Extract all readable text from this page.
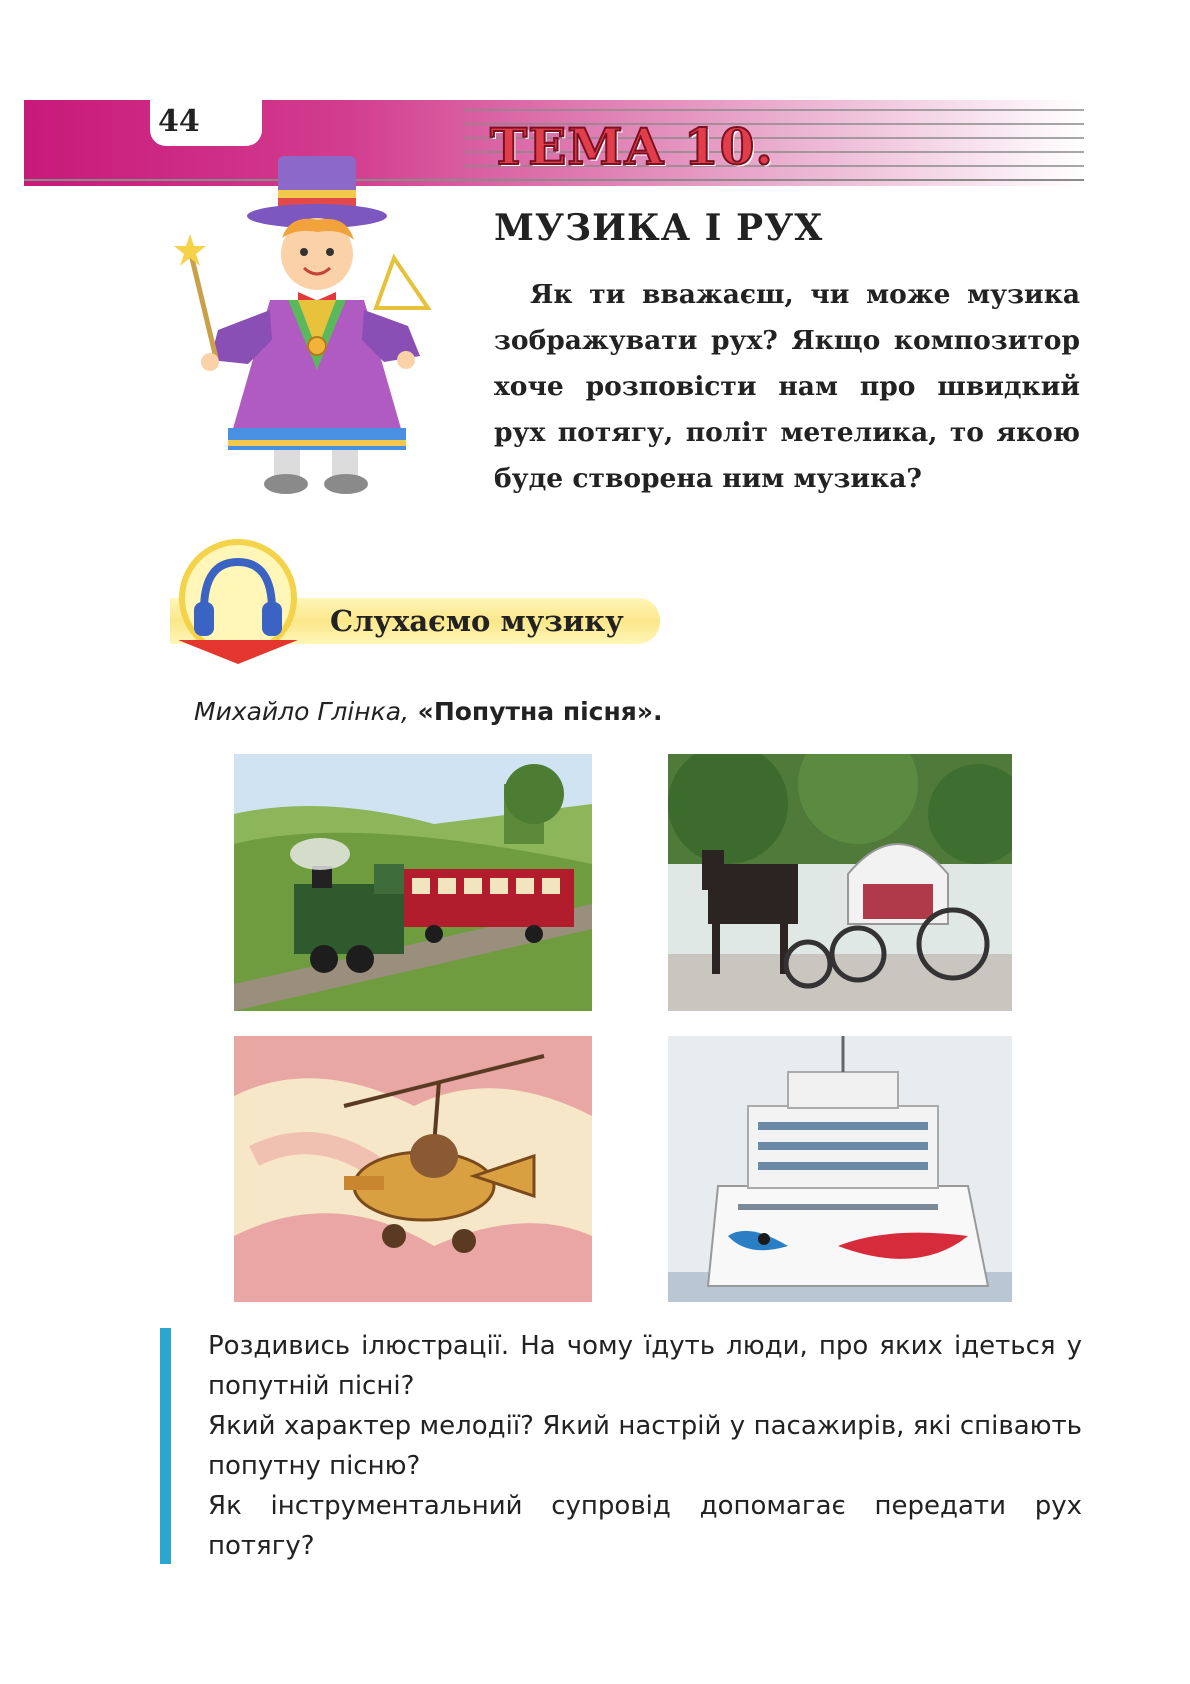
44	ТЕМА 10.
МУЗИКА І РУХ
Як ти вважаєш, чи може музика зображувати рух? Якщо композитор хоче розповісти нам про швидкий рух потягу, політ метелика, то якою буде створена ним музика?
Слухаємо музику
Михайло Глінка, «Попутна пісня».

Роздивись ілюстрації. На чому їдуть люди, про яких ідеться у попутній пісні?

Який характер мелодії? Який настрій у пасажирів, які співають попутну пісню?

Як інструментальний супровід допомагає передати рух потягу?
